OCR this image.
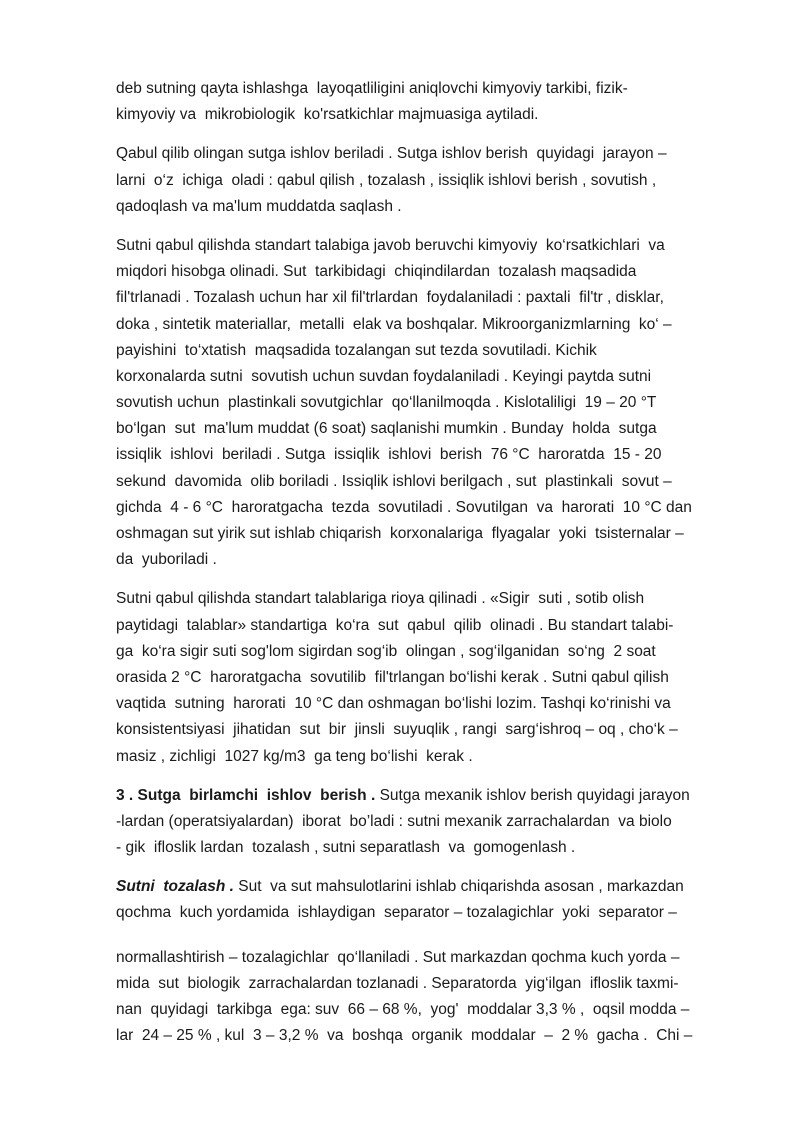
deb sutning qayta ishlashga  layoqatliligini aniqlovchi kimyoviy tarkibi, fizik-
kimyoviy va  mikrobiologik  ko'rsatkichlar majmuasiga aytiladi.
Qabul qilib olingan sutga ishlov beriladi . Sutga ishlov berish  quyidagi  jarayon –
larni  o‘z  ichiga  oladi : qabul qilish , tozalash , issiqlik ishlovi berish , sovutish ,
qadoqlash va ma'lum muddatda saqlash .
Sutni qabul qilishda standart talabiga javob beruvchi kimyoviy  ko‘rsatkichlari  va
miqdori hisobga olinadi. Sut  tarkibidagi  chiqindilardan  tozalash maqsadida
fil'trlanadi . Tozalash uchun har xil fil'trlardan  foydalaniladi : paxtali  fil'tr , disklar,
doka , sintetik materiallar,  metalli  elak va boshqalar. Mikroorganizmlarning  ko‘ –
payishini  to‘xtatish  maqsadida tozalangan sut tezda sovutiladi. Kichik
korxonalarda sutni  sovutish uchun suvdan foydalaniladi . Keyingi paytda sutni
sovutish uchun  plastinkali sovutgichlar  qo‘llanilmoqda . Kislotaliligi  19 – 20 °T
bo‘lgan  sut  ma'lum muddat (6 soat) saqlanishi mumkin . Bunday  holda  sutga
issiqlik  ishlovi  beriladi . Sutga  issiqlik  ishlovi  berish  76 °C  haroratda  15 - 20
sekund  davomida  olib boriladi . Issiqlik ishlovi berilgach , sut  plastinkali  sovut –
gichda  4 - 6 °C  haroratgacha  tezda  sovutiladi . Sovutilgan  va  harorati  10 °C dan
oshmagan sut yirik sut ishlab chiqarish  korxonalariga  flyagalar  yoki  tsisternalar –
da  yuboriladi .
Sutni qabul qilishda standart talablariga rioya qilinadi . «Sigir  suti , sotib olish
paytidagi  talablar» standartiga  ko‘ra  sut  qabul  qilib  olinadi . Bu standart talabi-
ga  ko‘ra sigir suti sog'lom sigirdan sog‘ib  olingan , sog‘ilganidan  so‘ng  2 soat
orasida 2 °C  haroratgacha  sovutilib  fil'trlangan bo‘lishi kerak . Sutni qabul qilish
vaqtida  sutning  harorati  10 °C dan oshmagan bo‘lishi lozim. Tashqi ko‘rinishi va
konsistentsiyasi  jihatidan  sut  bir  jinsli  suyuqlik , rangi  sarg‘ishroq – oq , cho‘k –
masiz , zichligi  1027 kg/m3  ga teng bo‘lishi  kerak .
3 . Sutga  birlamchi  ishlov  berish . Sutga mexanik ishlov berish quyidagi jarayon
-lardan (operatsiyalardan)  iborat  bo’ladi : sutni mexanik zarrachalardan  va biolo
- gik  ifloslik lardan  tozalash , sutni separatlash  va  gomogenlash .
Sutni  tozalash . Sut  va sut mahsulotlarini ishlab chiqarishda asosan , markazdan
qochma  kuch yordamida  ishlaydigan  separator – tozalagichlar  yoki  separator –
normallashtirish – tozalagichlar  qo‘llaniladi . Sut markazdan qochma kuch yorda –
mida  sut  biologik  zarrachalardan tozlanadi . Separatorda  yig‘ilgan  ifloslik taxmi-
nan  quyidagi  tarkibga  ega: suv  66 – 68 %,  yog'  moddalar 3,3 % ,  oqsil modda –
lar  24 – 25 % , kul  3 – 3,2 %  va  boshqa  organik  moddalar  –  2 %  gacha .  Chi –
